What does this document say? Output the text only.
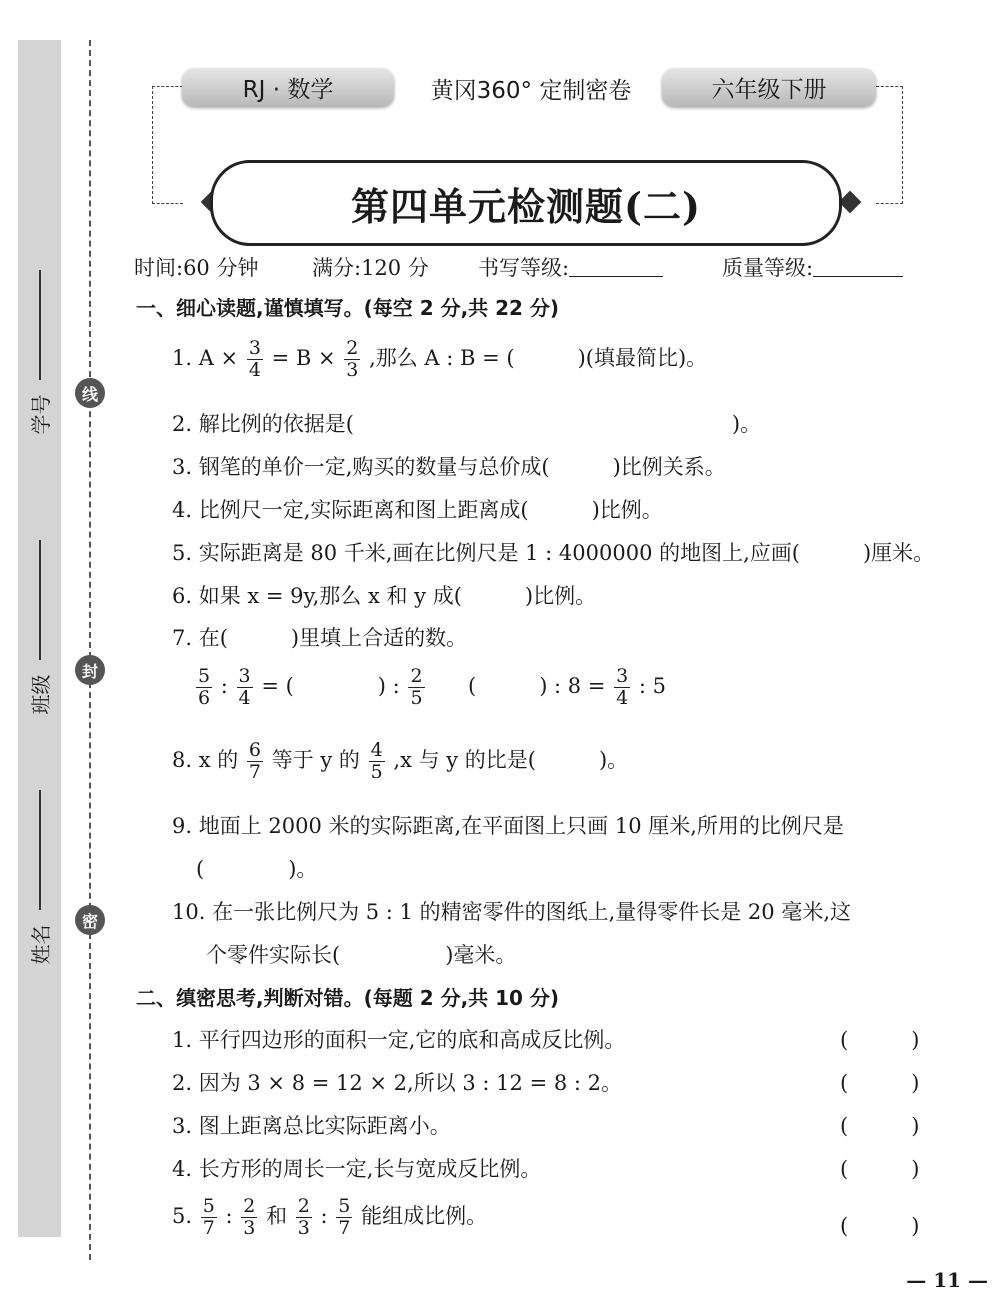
学号
班级
姓名
线
封
密
RJ · 数学	黄冈360° 定制密卷	六年级下册
第四单元检测题(二)
时间:60 分钟	满分:120 分 书写等级:	质量等级:
一、细心读题,谨慎填写。(每空 2 分,共 22 分)
1. $A \times \frac{3}{4} = B \times \frac{2}{3}$ ,那么 A : B = (　　　)(填最简比)。
2. 解比例的依据是(　　　　　　　　　　　　　　　　　　)。
3. 钢笔的单价一定,购买的数量与总价成(　　　)比例关系。
4. 比例尺一定,实际距离和图上距离成(　　　)比例。
5. 实际距离是 80 千米,画在比例尺是 1 : 4000000 的地图上,应画(　　　)厘米。
6. 如果 x = 9y,那么 x 和 y 成(　　　)比例。
7. 在(　　　)里填上合适的数。
$\frac{5}{6}$ : $\frac{3}{4}$ = (　　　　) : $\frac{2}{5}$ (　　　) : $8 = \frac{3}{4}$ : 5
8. x 的 $\frac{6}{7}$ 等于 y 的 $\frac{4}{5} ,x$ 与 y 的比是(　　　)。
9. 地面上 2000 米的实际距离,在平面图上只画 10 厘米,所用的比例尺是
(　　　　)。
10. 在一张比例尺为 5 : 1 的精密零件的图纸上,量得零件长是 20 毫米,这
个零件实际长(　　　　　)毫米。
二、缜密思考,判断对错。(每题 2 分,共 10 分)
1. 平行四边形的面积一定,它的底和高成反比例。	(　　　)
2. 因为 3 × 8 = 12 × 2,所以 3 : 12 = 8 : 2。	(　　　)
3. 图上距离总比实际距离小。	(　　　)
4. 长方形的周长一定,长与宽成反比例。	(　　　)
5. $\frac{5}{7}$ : $\frac{2}{3}$ 和 $\frac{2}{3}$ : $\frac{5}{7}$ 能组成比例。	(　　　)
— 11 —
